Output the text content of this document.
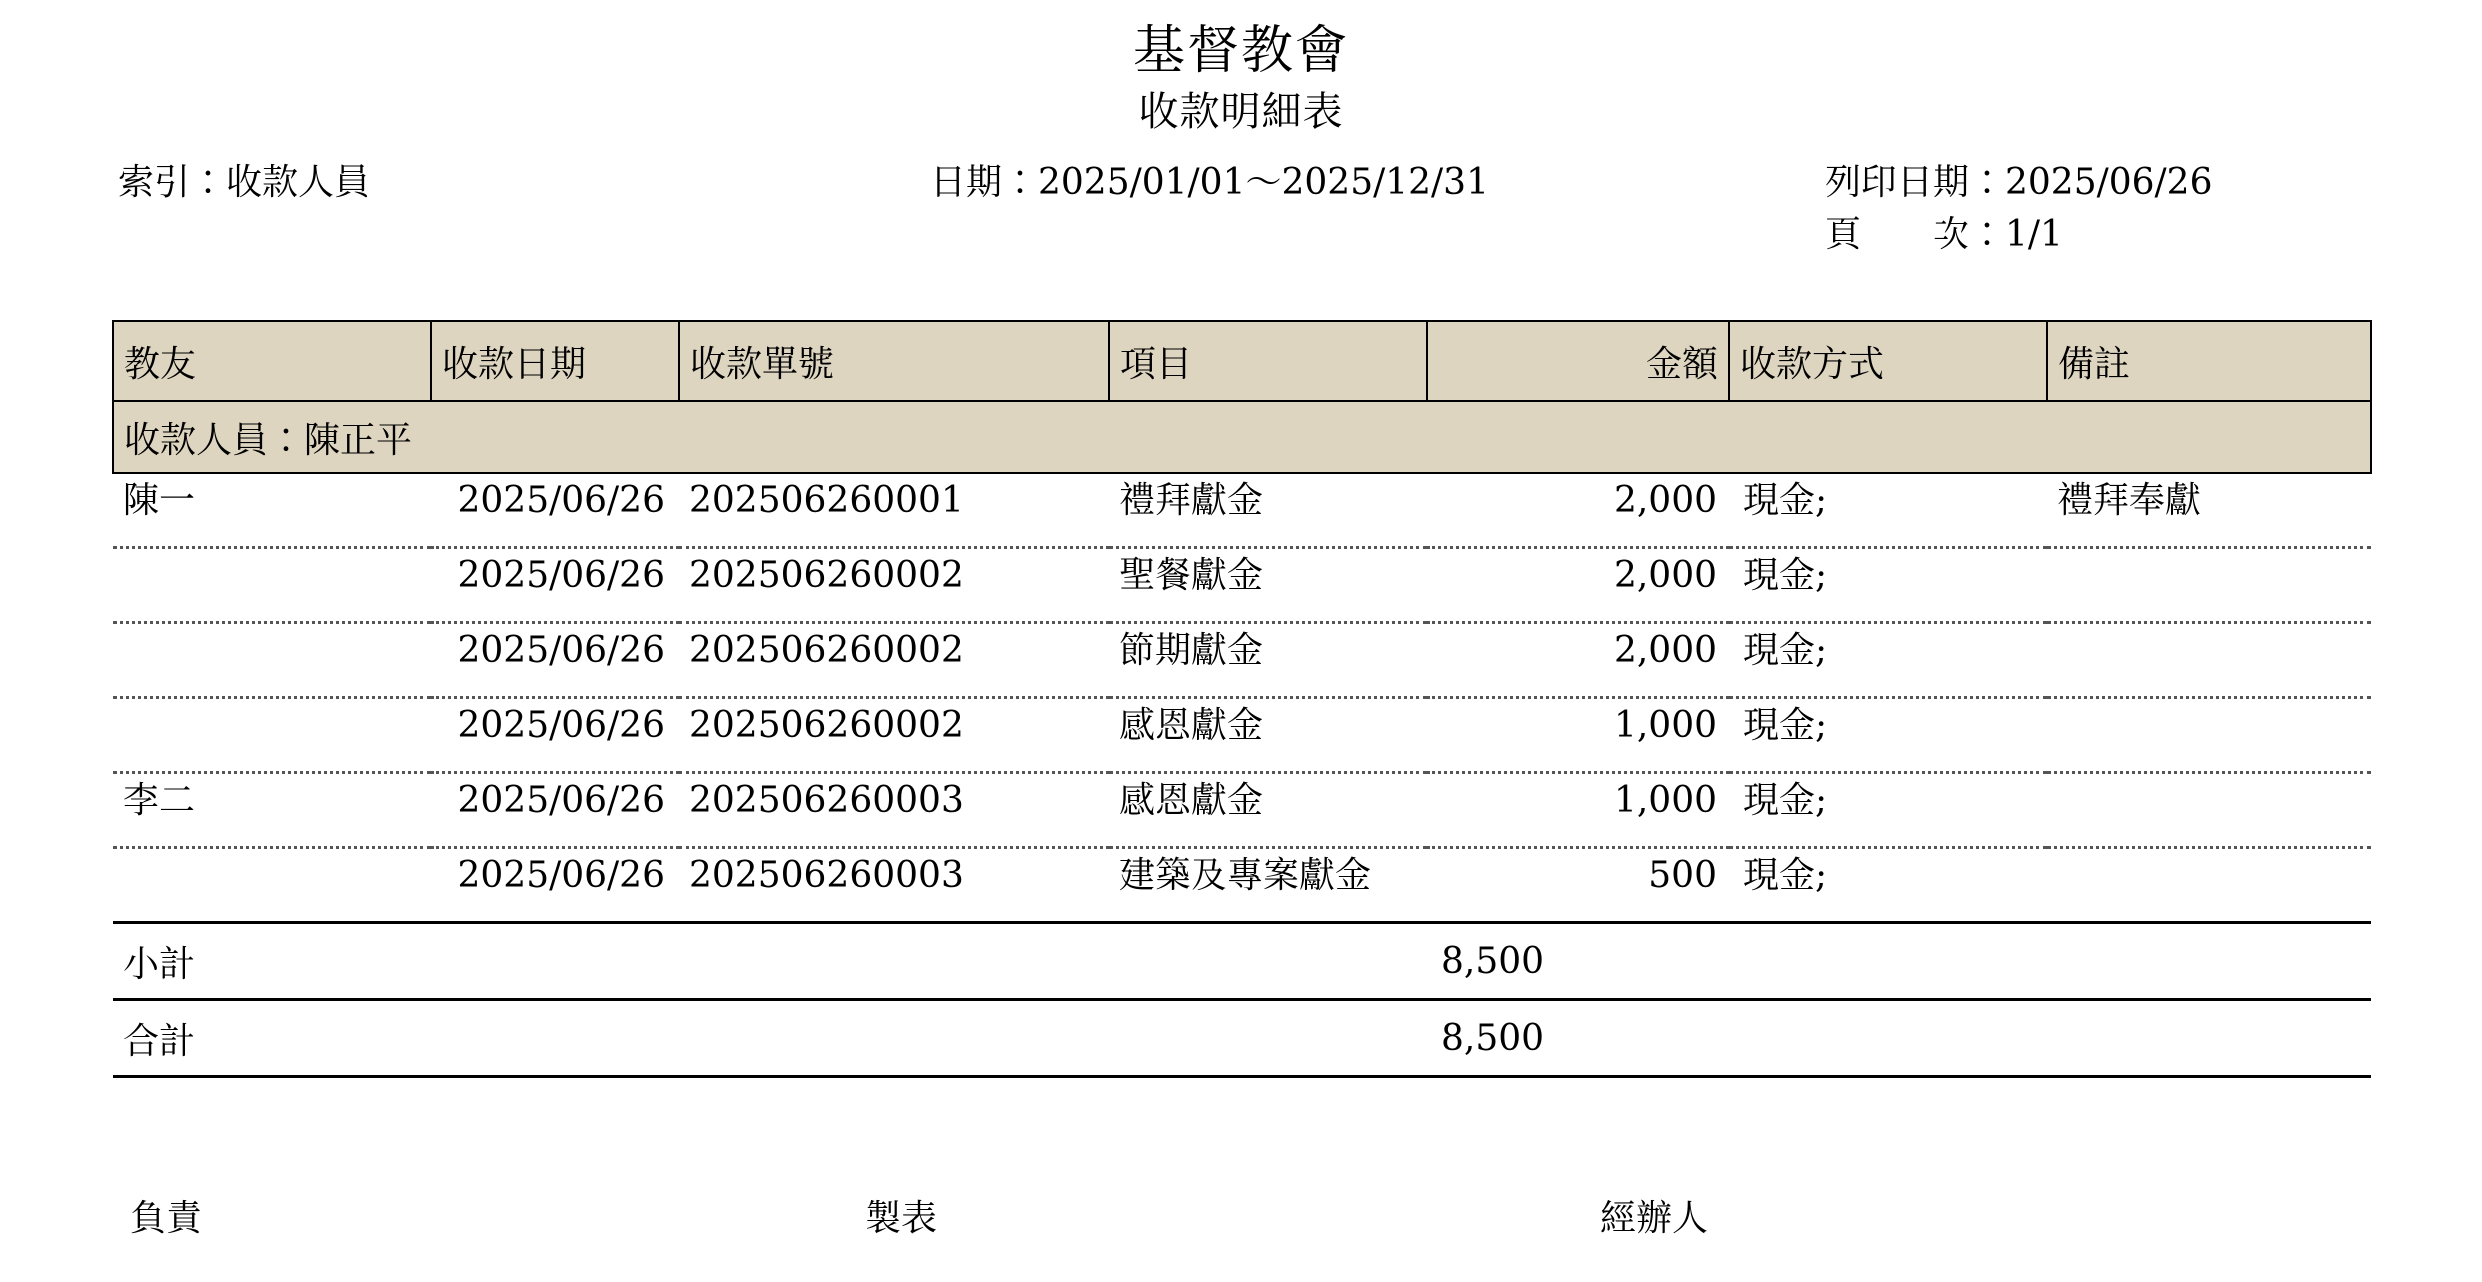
基督教會
收款明細表
索引：收款人員	日期：2025/01/01～2025/12/31	列印日期：2025/06/26
頁　　次：1/1
教友	收款日期	收款單號	項目	金額	收款方式	備註
收款人員：陳正平						
陳一	2025/06/26	202506260001	禮拜獻金	2,000	現金;	禮拜奉獻
	2025/06/26	202506260002	聖餐獻金	2,000	現金;	
	2025/06/26	202506260002	節期獻金	2,000	現金;	
	2025/06/26	202506260002	感恩獻金	1,000	現金;	
李二	2025/06/26	202506260003	感恩獻金	1,000	現金;	
	2025/06/26	202506260003	建築及專案獻金	500	現金;	

小計				8,500		
合計				8,500		
負責	製表	經辦人
